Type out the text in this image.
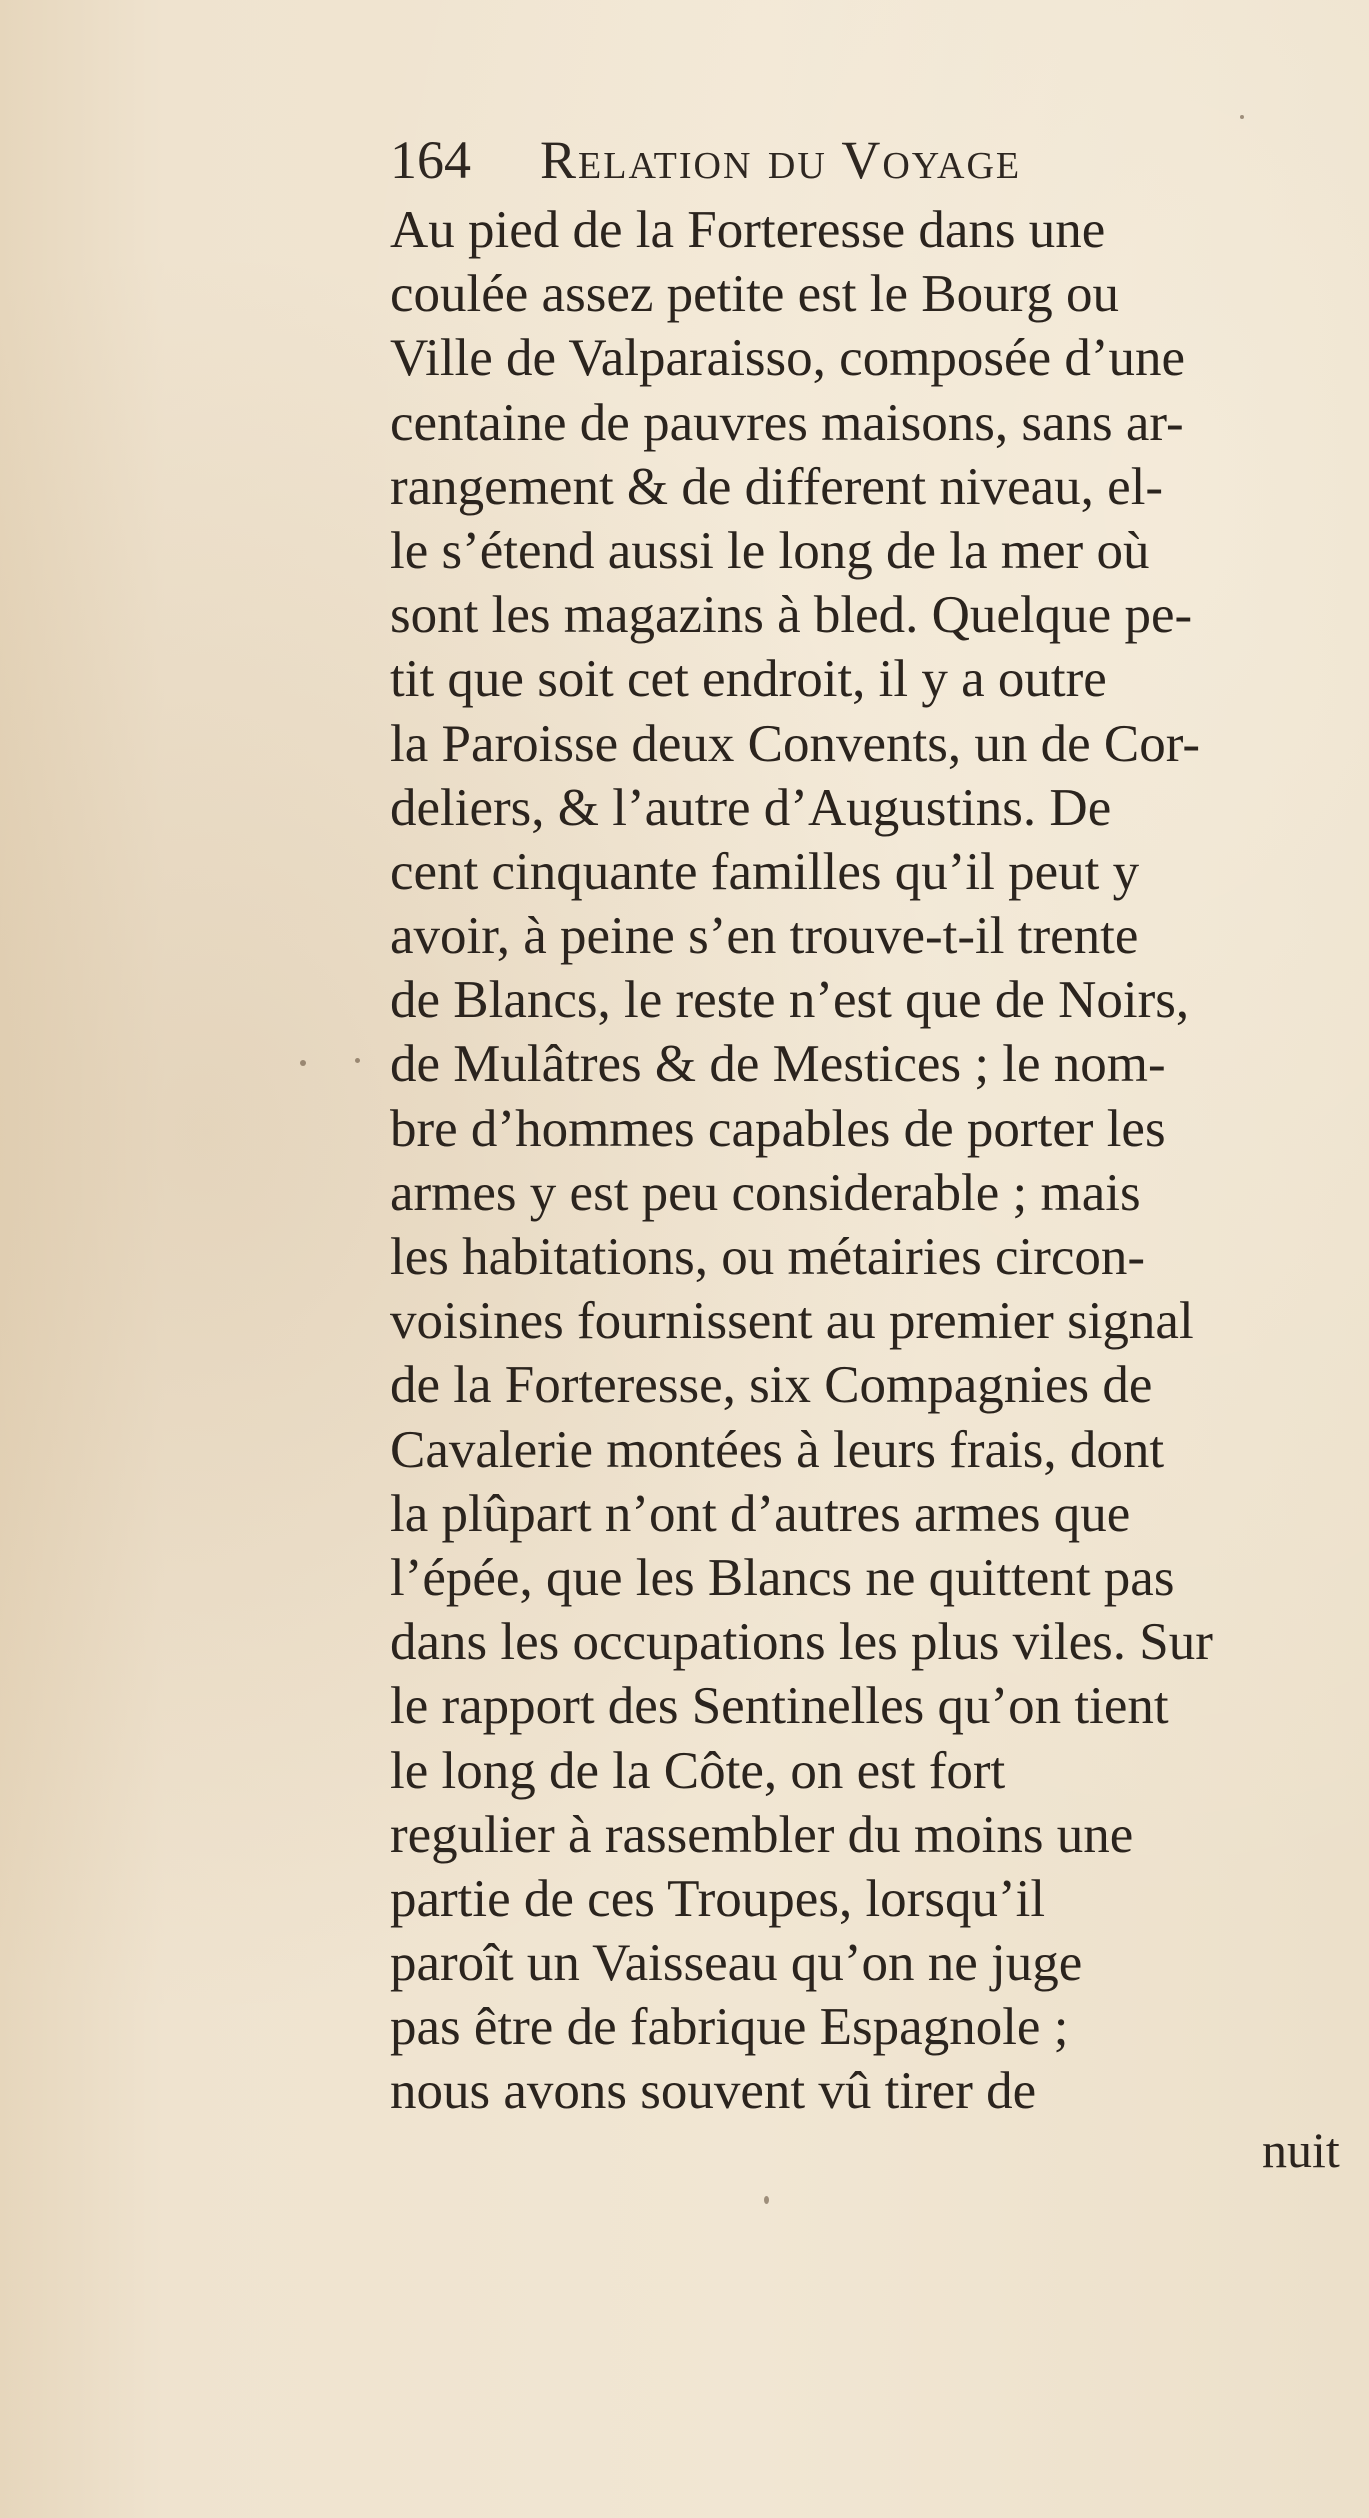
164 Relation du Voyage
Au pied de la Forteresse dans une
coulée assez petite est le Bourg ou
Ville de Valparaisso, composée d’une
centaine de pauvres maisons, sans ar-
rangement & de different niveau, el-
le s’étend aussi le long de la mer où
sont les magazins à bled. Quelque pe-
tit que soit cet endroit, il y a outre
la Paroisse deux Convents, un de Cor-
deliers, & l’autre d’Augustins. De
cent cinquante familles qu’il peut y
avoir, à peine s’en trouve-t-il trente
de Blancs, le reste n’est que de Noirs,
de Mulâtres & de Mestices ; le nom-
bre d’hommes capables de porter les
armes y est peu considerable ; mais
les habitations, ou métairies circon-
voisines fournissent au premier signal
de la Forteresse, six Compagnies de
Cavalerie montées à leurs frais, dont
la plûpart n’ont d’autres armes que
l’épée, que les Blancs ne quittent pas
dans les occupations les plus viles. Sur
le rapport des Sentinelles qu’on tient
le long de la Côte, on est fort
regulier à rassembler du moins une
partie de ces Troupes, lorsqu’il
paroît un Vaisseau qu’on ne juge
pas être de fabrique Espagnole ;
nous avons souvent vû tirer de
nuit
